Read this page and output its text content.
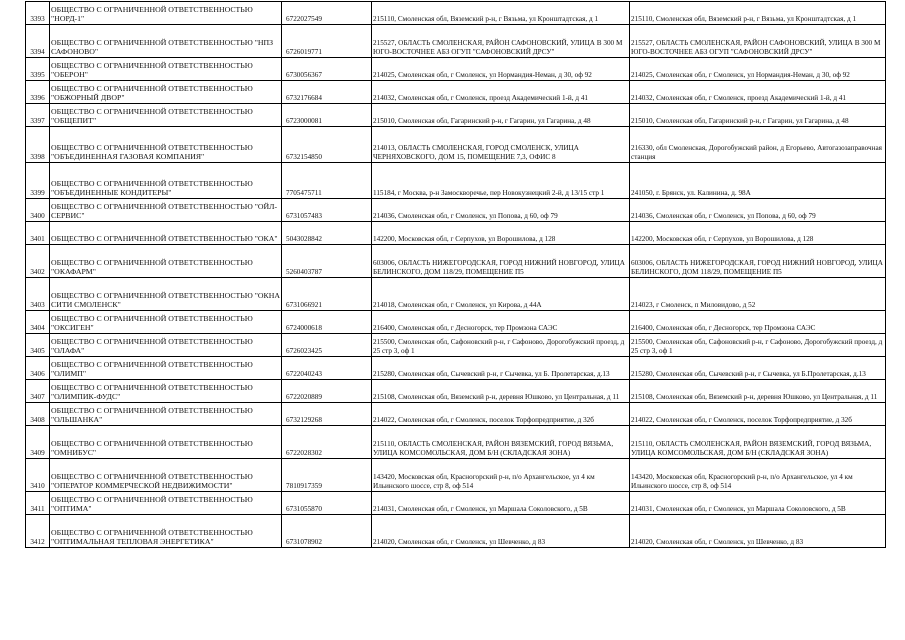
3393	ОБЩЕСТВО С ОГРАНИЧЕННОЙ ОТВЕТСТВЕННОСТЬЮ "НОРД-1"	6722027549	215110, Смоленская обл, Вяземский р-н, г Вязьма, ул Кронштадтская, д 1	215110, Смоленская обл, Вяземский р-н, г Вязьма, ул Кронштадтская, д 1
3394	ОБЩЕСТВО С ОГРАНИЧЕННОЙ ОТВЕТСТВЕННОСТЬЮ "НПЗ САФОНОВО"	6726019771	215527, ОБЛАСТЬ СМОЛЕНСКАЯ, РАЙОН САФОНОВСКИЙ, УЛИЦА В 300 М ЮГО-ВОСТОЧНЕЕ АБЗ ОГУП "САФОНОВСКИЙ ДРСУ"	215527, ОБЛАСТЬ СМОЛЕНСКАЯ, РАЙОН САФОНОВСКИЙ, УЛИЦА В 300 М ЮГО-ВОСТОЧНЕЕ АБЗ ОГУП "САФОНОВСКИЙ ДРСУ"
3395	ОБЩЕСТВО С ОГРАНИЧЕННОЙ ОТВЕТСТВЕННОСТЬЮ "ОБЕРОН"	6730056367	214025, Смоленская обл, г Смоленск, ул Нормандия-Неман, д 30, оф 92	214025, Смоленская обл, г Смоленск, ул Нормандия-Неман, д 30, оф 92
3396	ОБЩЕСТВО С ОГРАНИЧЕННОЙ ОТВЕТСТВЕННОСТЬЮ "ОБЖОРНЫЙ ДВОР"	6732176684	214032, Смоленская обл, г Смоленск, проезд Академический 1-й, д 41	214032, Смоленская обл, г Смоленск, проезд Академический 1-й, д 41
3397	ОБЩЕСТВО С ОГРАНИЧЕННОЙ ОТВЕТСТВЕННОСТЬЮ "ОБЩЕПИТ"	6723000081	215010, Смоленская обл, Гагаринский р-н, г Гагарин, ул Гагарина, д 48	215010, Смоленская обл, Гагаринский р-н, г Гагарин, ул Гагарина, д 48
3398	ОБЩЕСТВО С ОГРАНИЧЕННОЙ ОТВЕТСТВЕННОСТЬЮ "ОБЪЕДИНЕННАЯ ГАЗОВАЯ КОМПАНИЯ"	6732154850	214013, ОБЛАСТЬ СМОЛЕНСКАЯ, ГОРОД СМОЛЕНСК, УЛИЦА ЧЕРНЯХОВСКОГО, ДОМ 15, ПОМЕЩЕНИЕ 7,3, ОФИС 8	216330, обл Смоленская, Дорогобужский район, д Егорьево, Автогазозаправочная станция
3399	ОБЩЕСТВО С ОГРАНИЧЕННОЙ ОТВЕТСТВЕННОСТЬЮ "ОБЪЕДИНЕННЫЕ КОНДИТЕРЫ"	7705475711	115184, г Москва, р-н Замоскворечье, пер Новокузнецкий 2-й, д 13/15 стр 1	241050, г. Брянск, ул. Калинина, д. 98А
3400	ОБЩЕСТВО С ОГРАНИЧЕННОЙ ОТВЕТСТВЕННОСТЬЮ "ОЙЛ-СЕРВИС"	6731057483	214036, Смоленская обл, г Смоленск, ул Попова, д 60, оф 79	214036, Смоленская обл, г Смоленск, ул Попова, д 60, оф 79
3401	ОБЩЕСТВО С ОГРАНИЧЕННОЙ ОТВЕТСТВЕННОСТЬЮ "ОКА"	5043028842	142200, Московская обл, г Серпухов, ул Ворошилова, д 128	142200, Московская обл, г Серпухов, ул Ворошилова, д 128
3402	ОБЩЕСТВО С ОГРАНИЧЕННОЙ ОТВЕТСТВЕННОСТЬЮ "ОКАФАРМ"	5260403787	603006, ОБЛАСТЬ НИЖЕГОРОДСКАЯ, ГОРОД НИЖНИЙ НОВГОРОД, УЛИЦА БЕЛИНСКОГО, ДОМ 118/29, ПОМЕЩЕНИЕ П5	603006, ОБЛАСТЬ НИЖЕГОРОДСКАЯ, ГОРОД НИЖНИЙ НОВГОРОД, УЛИЦА БЕЛИНСКОГО, ДОМ 118/29, ПОМЕЩЕНИЕ П5
3403	ОБЩЕСТВО С ОГРАНИЧЕННОЙ ОТВЕТСТВЕННОСТЬЮ "ОКНА СИТИ СМОЛЕНСК"	6731066921	214018, Смоленская обл, г Смоленск, ул Кирова, д 44А	214023, г Смоленск, п Миловидово, д 52
3404	ОБЩЕСТВО С ОГРАНИЧЕННОЙ ОТВЕТСТВЕННОСТЬЮ "ОКСИГЕН"	6724000618	216400, Смоленская обл, г Десногорск, тер Промзона САЭС	216400, Смоленская обл, г Десногорск, тер Промзона САЭС
3405	ОБЩЕСТВО С ОГРАНИЧЕННОЙ ОТВЕТСТВЕННОСТЬЮ "ОЛАФА"	6726023425	215500, Смоленская обл, Сафоновский р-н, г Сафоново, Дорогобужский проезд, д 25 стр 3, оф 1	215500, Смоленская обл, Сафоновский р-н, г Сафоново, Дорогобужский проезд, д 25 стр 3, оф 1
3406	ОБЩЕСТВО С ОГРАНИЧЕННОЙ ОТВЕТСТВЕННОСТЬЮ "ОЛИМП"	6722040243	215280, Смоленская обл, Сычевский р-н, г Сычевка, ул Б. Пролетарская, д.13	215280, Смоленская обл, Сычевский р-н, г Сычевка, ул Б.Пролетарская, д.13
3407	ОБЩЕСТВО С ОГРАНИЧЕННОЙ ОТВЕТСТВЕННОСТЬЮ "ОЛИМПИК-ФУДС"	6722020889	215108, Смоленская обл, Вяземский р-н, деревня Юшково, ул Центральная, д 11	215108, Смоленская обл, Вяземский р-н, деревня Юшково, ул Центральная, д 11
3408	ОБЩЕСТВО С ОГРАНИЧЕННОЙ ОТВЕТСТВЕННОСТЬЮ "ОЛЬШАНКА"	6732129268	214022, Смоленская обл, г Смоленск, поселок Торфопредприятие, д 32б	214022, Смоленская обл, г Смоленск, поселок Торфопредприятие, д 32б
3409	ОБЩЕСТВО С ОГРАНИЧЕННОЙ ОТВЕТСТВЕННОСТЬЮ "ОМНИБУС"	6722028302	215110, ОБЛАСТЬ СМОЛЕНСКАЯ, РАЙОН ВЯЗЕМСКИЙ, ГОРОД ВЯЗЬМА, УЛИЦА КОМСОМОЛЬСКАЯ, ДОМ Б/Н (СКЛАДСКАЯ ЗОНА)	215110, ОБЛАСТЬ СМОЛЕНСКАЯ, РАЙОН ВЯЗЕМСКИЙ, ГОРОД ВЯЗЬМА, УЛИЦА КОМСОМОЛЬСКАЯ, ДОМ Б/Н (СКЛАДСКАЯ ЗОНА)
3410	ОБЩЕСТВО С ОГРАНИЧЕННОЙ ОТВЕТСТВЕННОСТЬЮ "ОПЕРАТОР КОММЕРЧЕСКОЙ НЕДВИЖИМОСТИ"	7810917359	143420, Московская обл, Красногорский р-н, п/о Архангельское, ул 4 км Ильинского шоссе, стр 8, оф 514	143420, Московская обл, Красногорский р-н, п/о Архангельское, ул 4 км Ильинского шоссе, стр 8, оф 514
3411	ОБЩЕСТВО С ОГРАНИЧЕННОЙ ОТВЕТСТВЕННОСТЬЮ "ОПТИМА"	6731055870	214031, Смоленская обл, г Смоленск, ул Маршала Соколовского, д 5В	214031, Смоленская обл, г Смоленск, ул Маршала Соколовского, д 5В
3412	ОБЩЕСТВО С ОГРАНИЧЕННОЙ ОТВЕТСТВЕННОСТЬЮ "ОПТИМАЛЬНАЯ ТЕПЛОВАЯ ЭНЕРГЕТИКА"	6731078902	214020, Смоленская обл, г Смоленск, ул Шевченко, д 83	214020, Смоленская обл, г Смоленск, ул Шевченко, д 83
